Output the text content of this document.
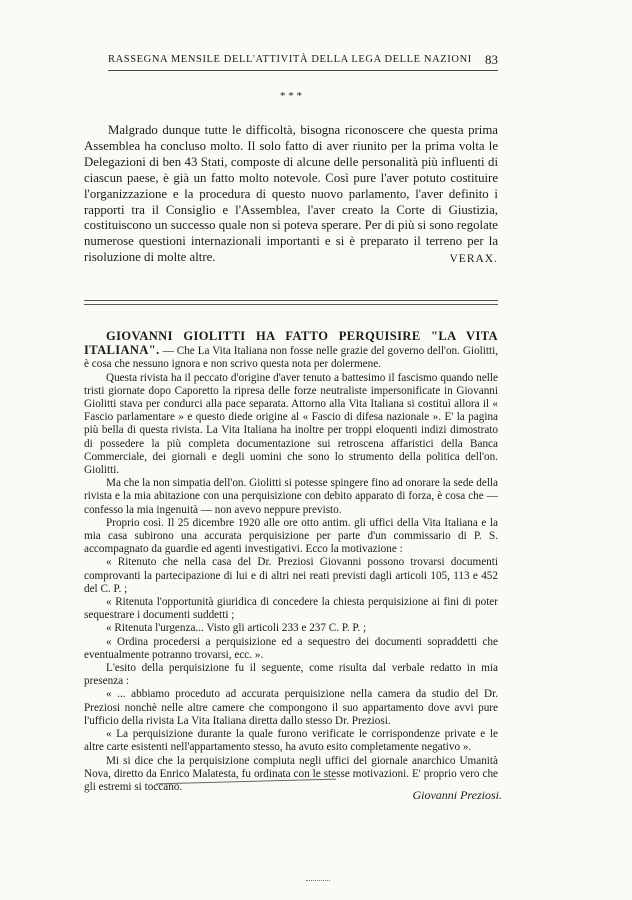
RASSEGNA MENSILE DELL'ATTIVITÀ DELLA LEGA DELLE NAZIONI 83
* * *

Malgrado dunque tutte le difficoltà, bisogna riconoscere che questa prima Assemblea ha concluso molto. Il solo fatto di aver riunito per la prima volta le Delegazioni di ben 43 Stati, composte di alcune delle personalità più influenti di ciascun paese, è già un fatto molto notevole. Così pure l'aver potuto costituire l'organizzazione e la procedura di questo nuovo parlamento, l'aver definito i rapporti tra il Consiglio e l'Assemblea, l'aver creato la Corte di Giustizia, costituiscono un successo quale non si poteva sperare. Per di più si sono regolate numerose questioni internazionali importanti e si è preparato il terreno per la risoluzione di molte altre.	VERAX.

GIOVANNI GIOLITTI HA FATTO PERQUISIRE "LA VITA ITALIANA". — Che La Vita Italiana non fosse nelle grazie del governo dell'on. Giolitti, è cosa che nessuno ignora e non scrivo questa nota per dolermene.

Questa rivista ha il peccato d'origine d'aver tenuto a battesimo il fascismo quando nelle tristi giornate dopo Caporetto la ripresa delle forze neutraliste impersonificate in Giovanni Giolitti stava per condurci alla pace separata. Attorno alla Vita Italiana si costituì allora il « Fascio parlamentare » e questo diede origine al « Fascio di difesa nazionale ». E' la pagina più bella di questa rivista. La Vita Italiana ha inoltre per troppi eloquenti indizi dimostrato di possedere la più completa documentazione sui retroscena affaristici della Banca Commerciale, dei giornali e degli uomini che sono lo strumento della politica dell'on. Giolitti.

Ma che la non simpatia dell'on. Giolitti si potesse spingere fino ad onorare la sede della rivista e la mia abitazione con una perquisizione con debito apparato di forza, è cosa che — confesso la mia ingenuità — non avevo neppure previsto.

Proprio così. Il 25 dicembre 1920 alle ore otto antim. gli uffici della Vita Italiana e la mia casa subirono una accurata perquisizione per parte d'un commissario di P. S. accompagnato da guardie ed agenti investigativi. Ecco la motivazione :

« Ritenuto che nella casa del Dr. Preziosi Giovanni possono trovarsi documenti comprovanti la partecipazione di lui e di altri nei reati previsti dagli articoli 105, 113 e 452 del C. P. ;

« Ritenuta l'opportunità giuridica di concedere la chiesta perquisizione ai fini di poter sequestrare i documenti suddetti ;

« Ritenuta l'urgenza... Visto gli articoli 233 e 237 C. P. P. ;

« Ordina procedersi a perquisizione ed a sequestro dei documenti sopraddetti che eventualmente potranno trovarsi, ecc. ».

L'esito della perquisizione fu il seguente, come risulta dal verbale redatto in mia presenza :

« ... abbiamo proceduto ad accurata perquisizione nella camera da studio del Dr. Preziosi nonchè nelle altre camere che compongono il suo appartamento dove avvi pure l'ufficio della rivista La Vita Italiana diretta dallo stesso Dr. Preziosi.

« La perquisizione durante la quale furono verificate le corrispondenze private e le altre carte esistenti nell'appartamento stesso, ha avuto esito completamente negativo ».

Mi si dice che la perquisizione compiuta negli uffici del giornale anarchico Umanità Nova, diretto da Enrico Malatesta, fu ordinata con le stesse motivazioni. E' proprio vero che gli estremi si toccano.

Giovanni Preziosi.
